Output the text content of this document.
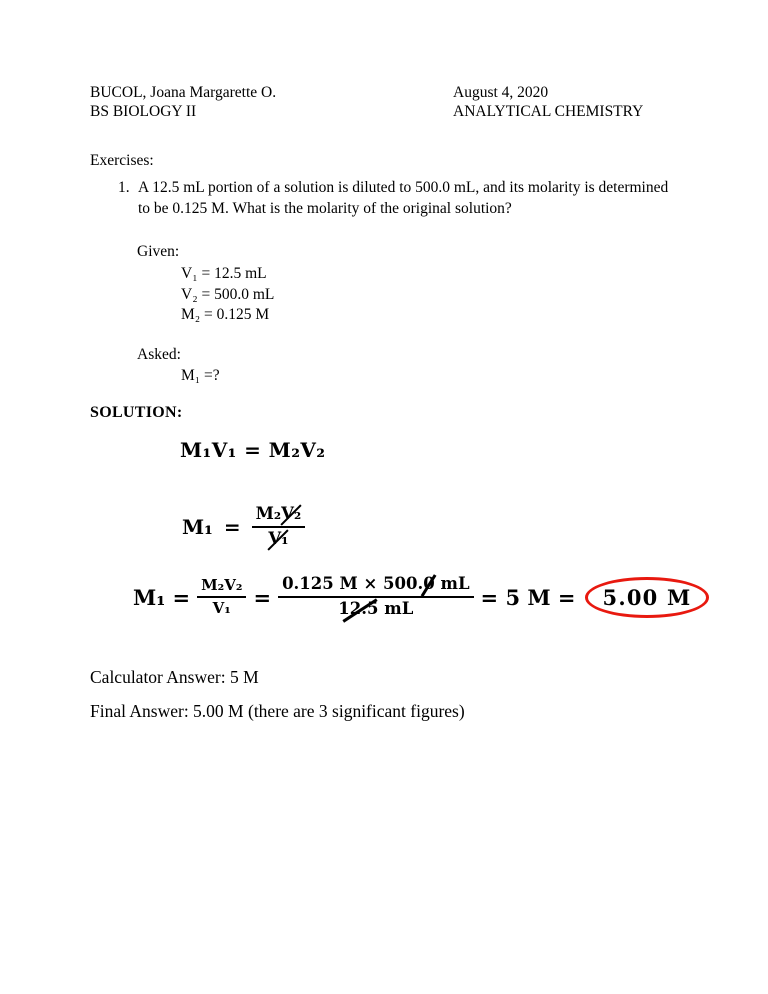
BUCOL, Joana Margarette O.
BS BIOLOGY II
August 4, 2020
ANALYTICAL CHEMISTRY
Exercises:
1. A 12.5 mL portion of a solution is diluted to 500.0 mL, and its molarity is determined to be 0.125 M. What is the molarity of the original solution?
Given:
V₁ = 12.5 mL
V₂ = 500.0 mL
M₂ = 0.125 M
Asked:
M₁ =?
SOLUTION:
M₁V₁ = M₂V₂
$M_1 = \frac{\text{M₂V₂}}{\text{V₁}}$
$M_1 = \frac{\text{M₂V₂}}{\text{V₁}} = \frac{0.125 M \times 500.0 mL}{12.5 mL} = 5$ M = 5.00 M
Calculator Answer: 5 M
Final Answer: 5.00 M (there are 3 significant figures)
